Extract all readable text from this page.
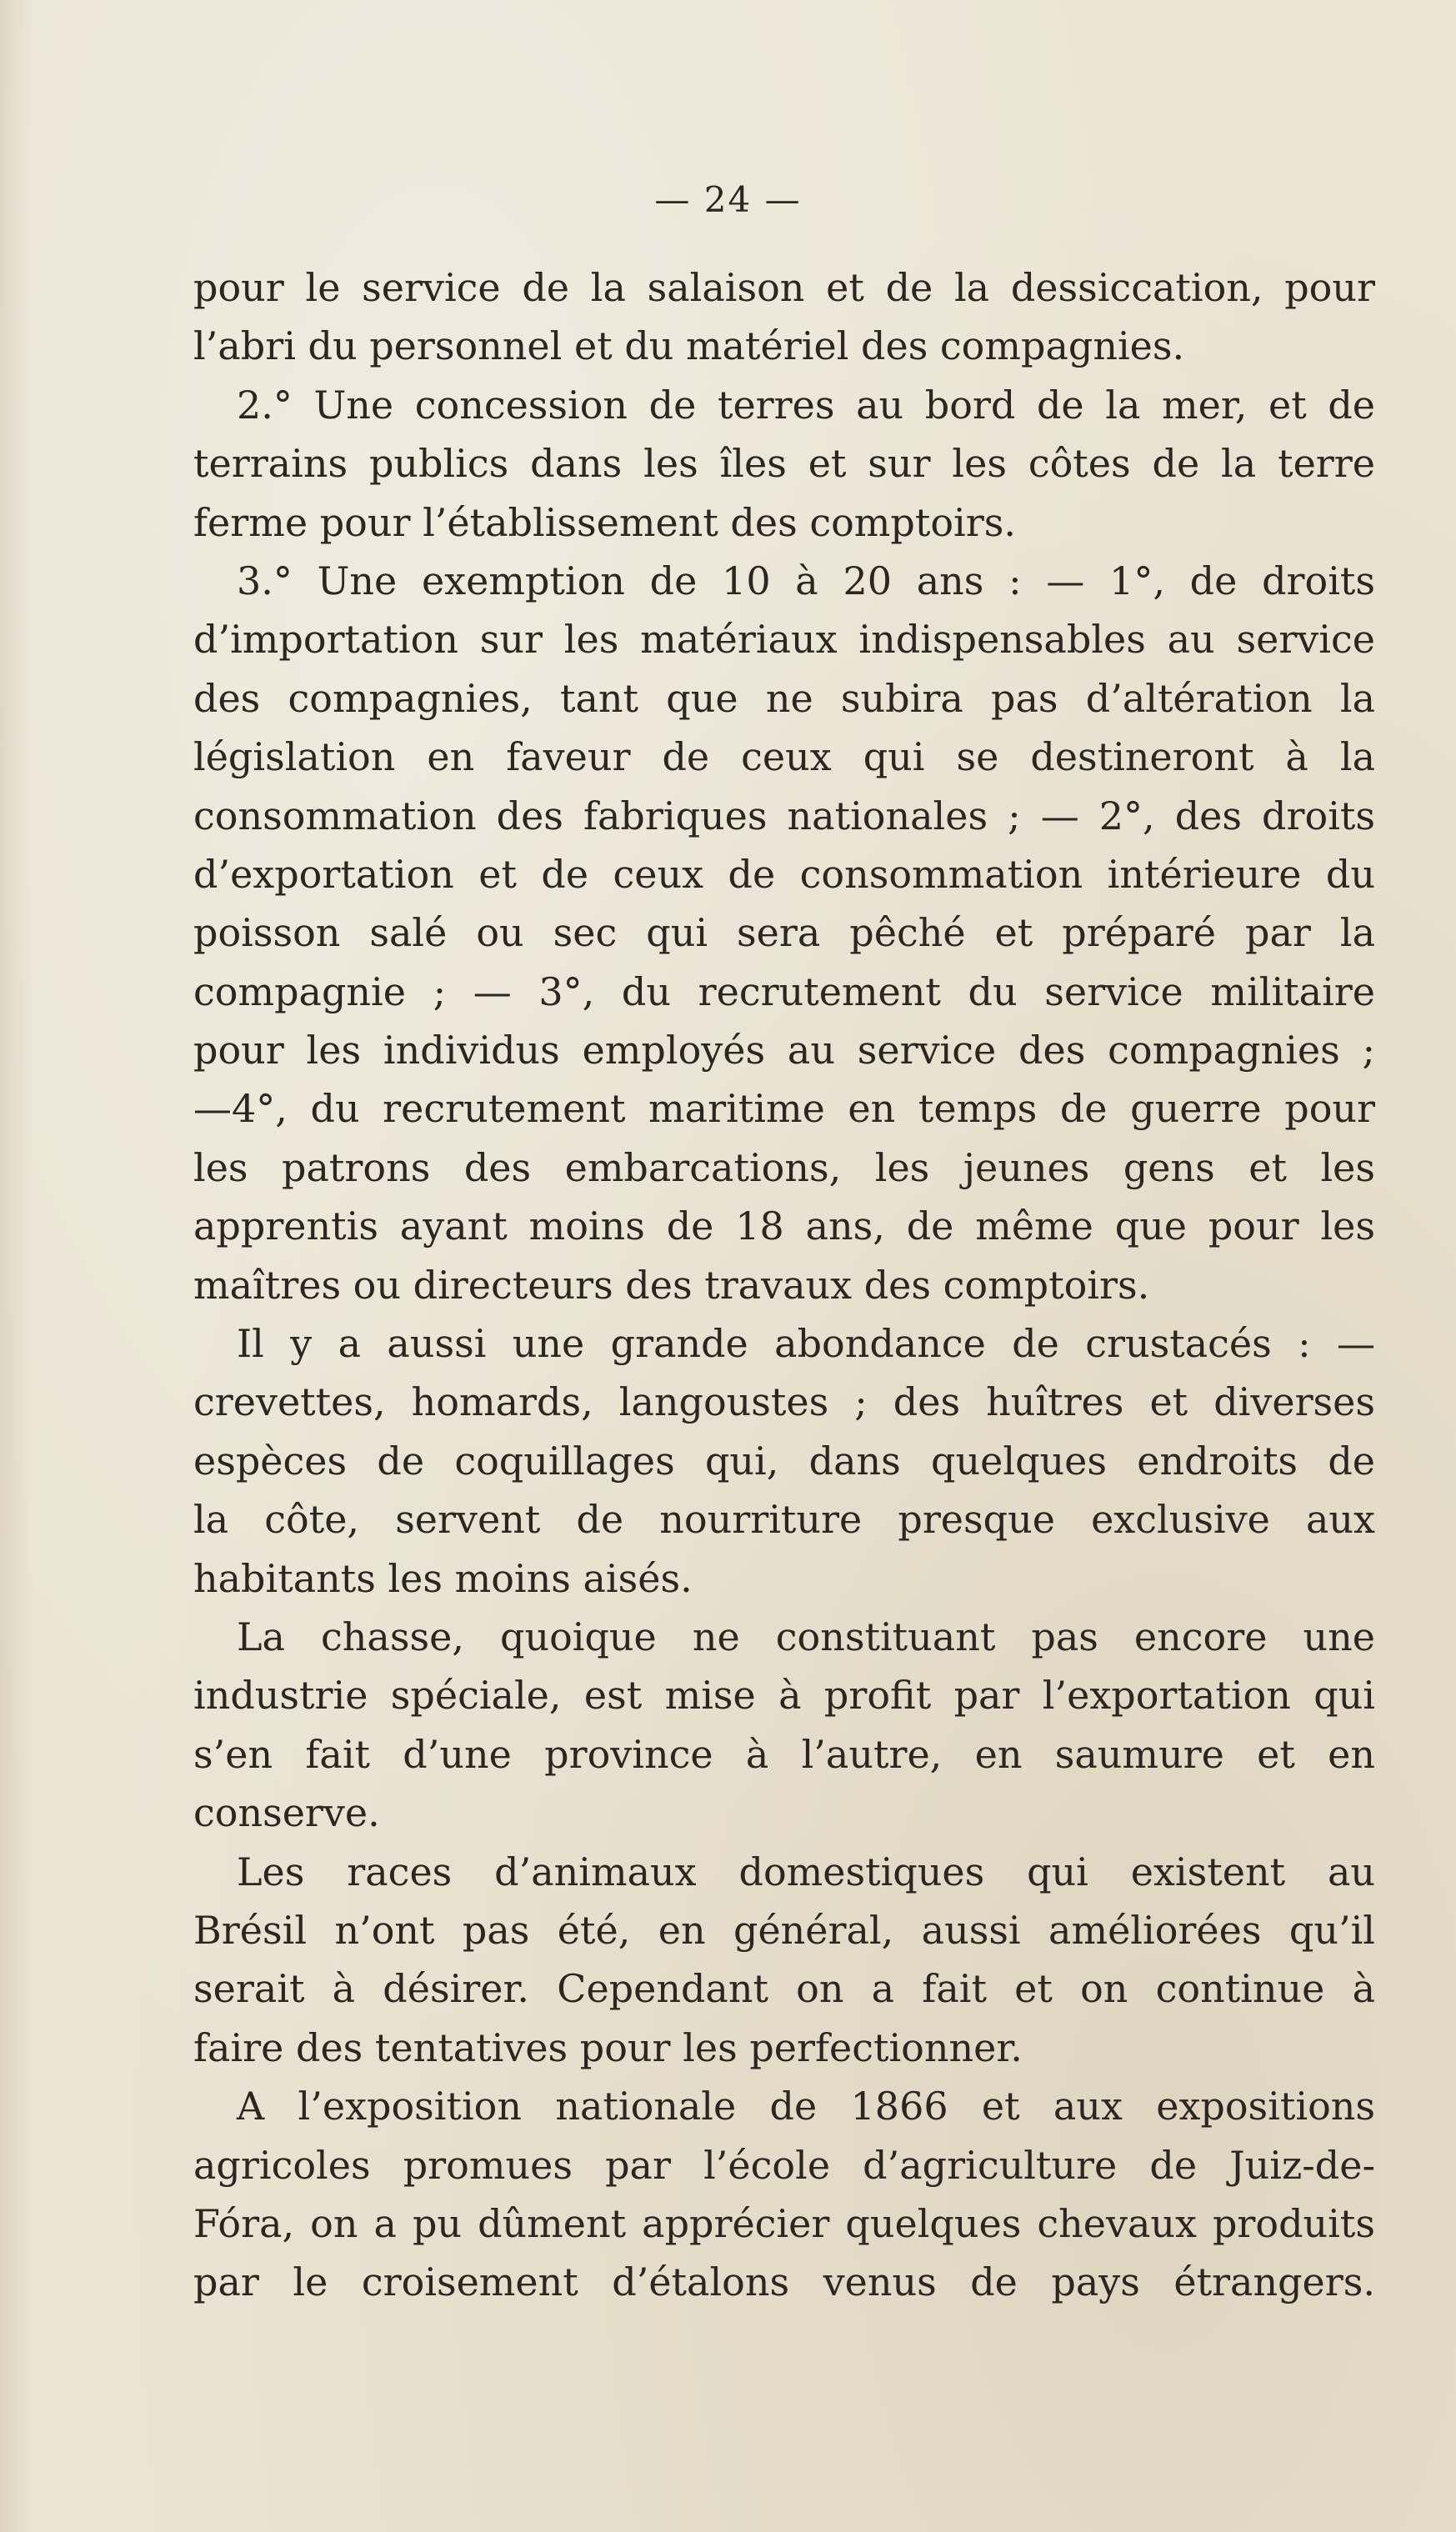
— 24 —
pour le service de la salaison et de la dessiccation, pour
l’abri du personnel et du matériel des compagnies.
2.° Une concession de terres au bord de la mer, et de
terrains publics dans les îles et sur les côtes de la terre
ferme pour l’établissement des comptoirs.
3.° Une exemption de 10 à 20 ans : — 1°, de droits
d’importation sur les matériaux indispensables au service
des compagnies, tant que ne subira pas d’altération la
législation en faveur de ceux qui se destineront à la
consommation des fabriques nationales ; — 2°, des droits
d’exportation et de ceux de consommation intérieure du
poisson salé ou sec qui sera pêché et préparé par la
compagnie ; — 3°, du recrutement du service militaire
pour les individus employés au service des compagnies ;
—4°, du recrutement maritime en temps de guerre pour
les patrons des embarcations, les jeunes gens et les
apprentis ayant moins de 18 ans, de même que pour les
maîtres ou directeurs des travaux des comptoirs.
Il y a aussi une grande abondance de crustacés : —
crevettes, homards, langoustes ; des huîtres et diverses
espèces de coquillages qui, dans quelques endroits de
la côte, servent de nourriture presque exclusive aux
habitants les moins aisés.
La chasse, quoique ne constituant pas encore une
industrie spéciale, est mise à profit par l’exportation qui
s’en fait d’une province à l’autre, en saumure et en
conserve.
Les races d’animaux domestiques qui existent au
Brésil n’ont pas été, en général, aussi améliorées qu’il
serait à désirer. Cependant on a fait et on continue à
faire des tentatives pour les perfectionner.
A l’exposition nationale de 1866 et aux expositions
agricoles promues par l’école d’agriculture de Juiz-de-
Fóra, on a pu dûment apprécier quelques chevaux produits
par le croisement d’étalons venus de pays étrangers.
